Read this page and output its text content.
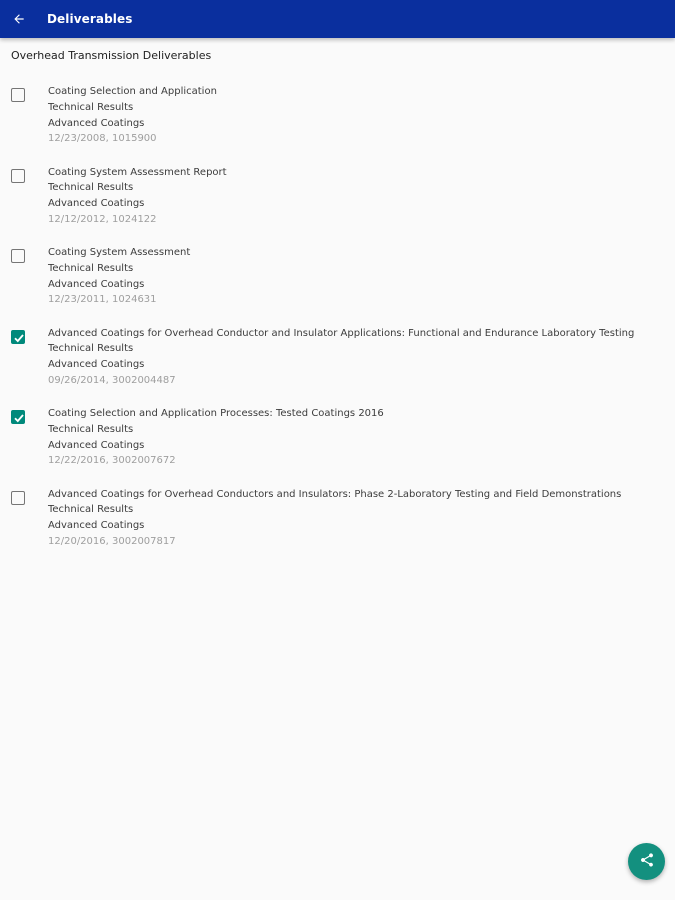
Deliverables
Overhead Transmission Deliverables
Coating Selection and Application
Technical Results
Advanced Coatings
12/23/2008, 1015900
Coating System Assessment Report
Technical Results
Advanced Coatings
12/12/2012, 1024122
Coating System Assessment
Technical Results
Advanced Coatings
12/23/2011, 1024631
Advanced Coatings for Overhead Conductor and Insulator Applications: Functional and Endurance Laboratory Testing
Technical Results
Advanced Coatings
09/26/2014, 3002004487
Coating Selection and Application Processes: Tested Coatings 2016
Technical Results
Advanced Coatings
12/22/2016, 3002007672
Advanced Coatings for Overhead Conductors and Insulators: Phase 2-Laboratory Testing and Field Demonstrations
Technical Results
Advanced Coatings
12/20/2016, 3002007817
